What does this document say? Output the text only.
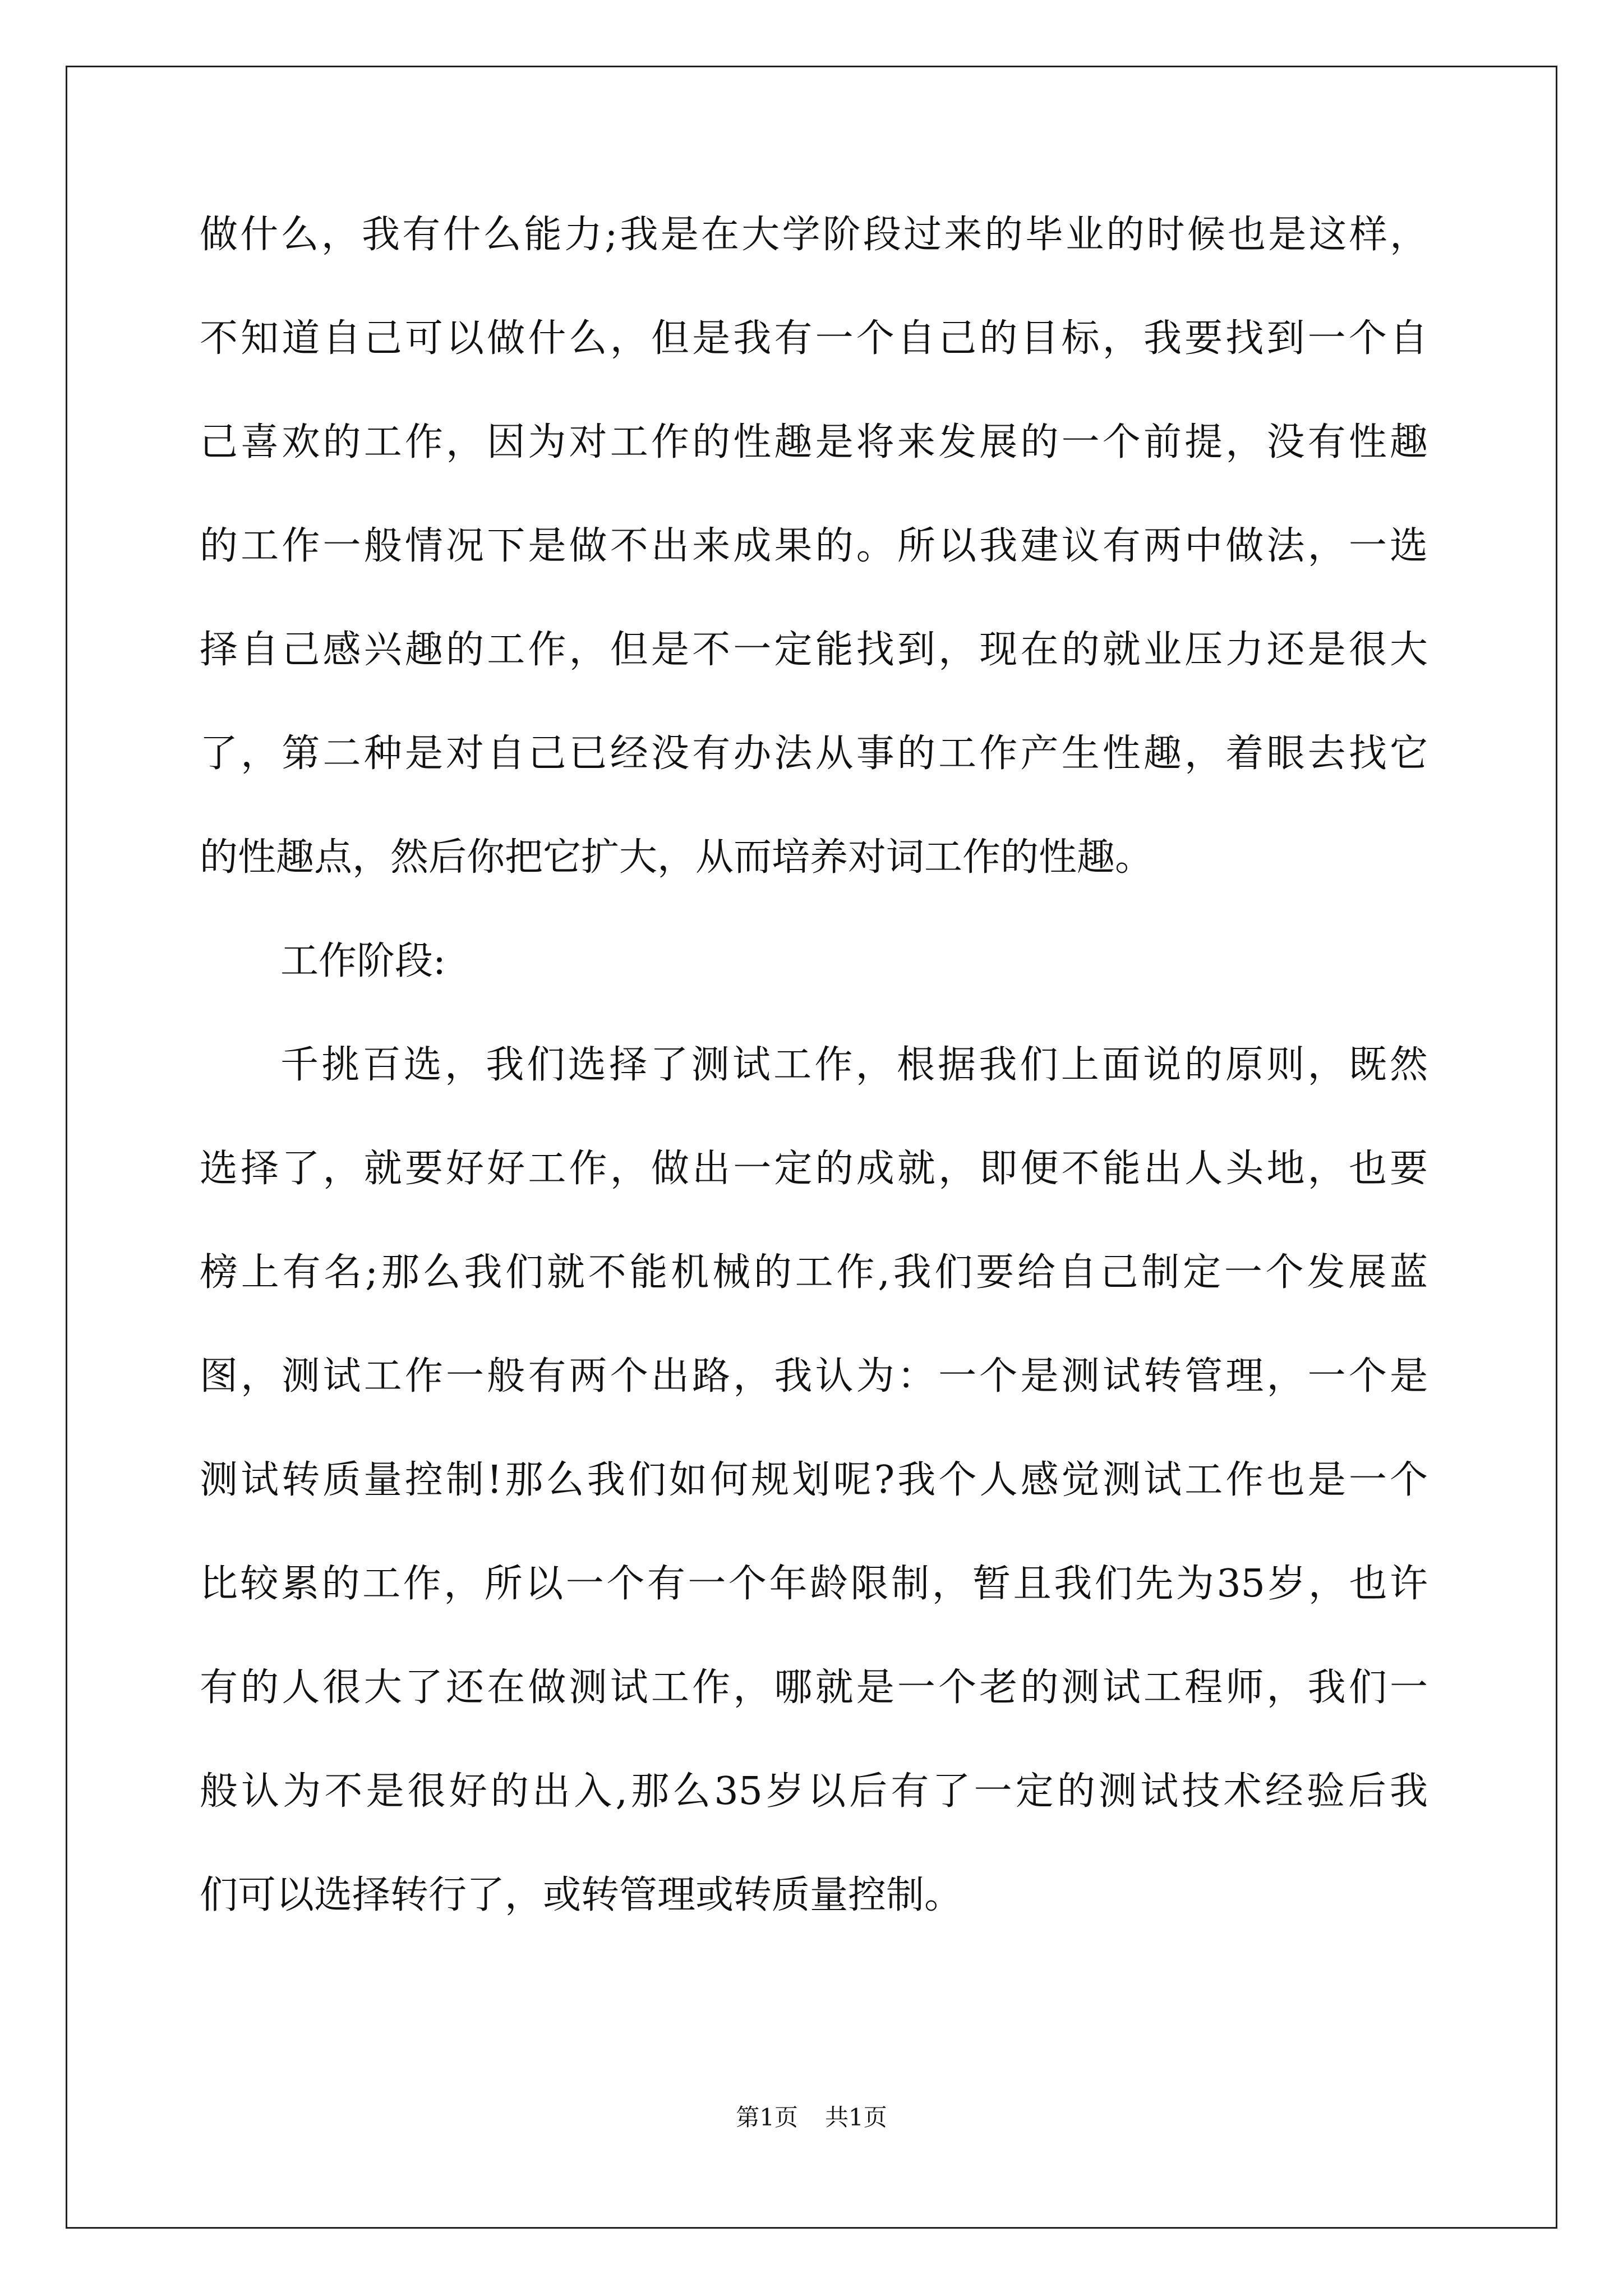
做什么，我有什么能力;我是在大学阶段过来的毕业的时候也是这样，
不知道自己可以做什么，但是我有一个自己的目标，我要找到一个自
己喜欢的工作，因为对工作的性趣是将来发展的一个前提，没有性趣
的工作一般情况下是做不出来成果的。所以我建议有两中做法，一选
择自己感兴趣的工作，但是不一定能找到，现在的就业压力还是很大
了，第二种是对自己已经没有办法从事的工作产生性趣，着眼去找它
的性趣点，然后你把它扩大，从而培养对词工作的性趣。
工作阶段:
千挑百选，我们选择了测试工作，根据我们上面说的原则，既然
选择了，就要好好工作，做出一定的成就，即便不能出人头地，也要
榜上有名;那么我们就不能机械的工作,我们要给自己制定一个发展蓝
图，测试工作一般有两个出路，我认为：一个是测试转管理，一个是
测试转质量控制!那么我们如何规划呢?我个人感觉测试工作也是一个
比较累的工作，所以一个有一个年龄限制，暂且我们先为35岁，也许
有的人很大了还在做测试工作，哪就是一个老的测试工程师，我们一
般认为不是很好的出入,那么35岁以后有了一定的测试技术经验后我
们可以选择转行了，或转管理或转质量控制。
第1页 共1页
